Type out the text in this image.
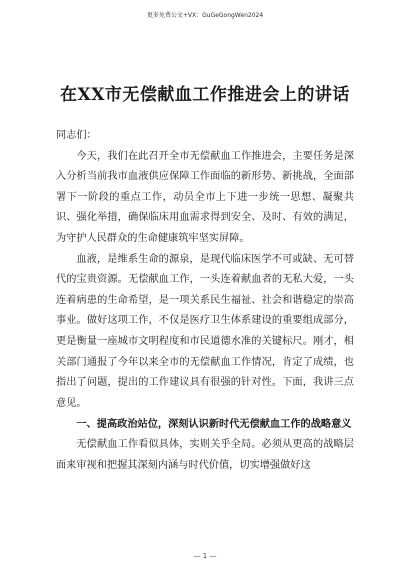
更多免费公文+VX：GuGeGongWen2024
在XX市无偿献血工作推进会上的讲话

同志们：

今天，我们在此召开全市无偿献血工作推进会，主要任务是深入分析当前我市血液供应保障工作面临的新形势、新挑战，全面部署下一阶段的重点工作，动员全市上下进一步统一思想、凝聚共识、强化举措，确保临床用血需求得到安全、及时、有效的满足，为守护人民群众的生命健康筑牢坚实屏障。

血液，是维系生命的源泉，是现代临床医学不可或缺、无可替代的宝贵资源。无偿献血工作，一头连着献血者的无私大爱，一头连着病患的生命希望，是一项关系民生福祉、社会和谐稳定的崇高事业。做好这项工作，不仅是医疗卫生体系建设的重要组成部分，更是衡量一座城市文明程度和市民道德水准的关键标尺。刚才，相关部门通报了今年以来全市的无偿献血工作情况，肯定了成绩，也指出了问题，提出的工作建议具有很强的针对性。下面，我讲三点意见。

一、提高政治站位，深刻认识新时代无偿献血工作的战略意义

无偿献血工作看似具体，实则关乎全局。必须从更高的战略层面来审视和把握其深刻内涵与时代价值，切实增强做好这

— 1 —
